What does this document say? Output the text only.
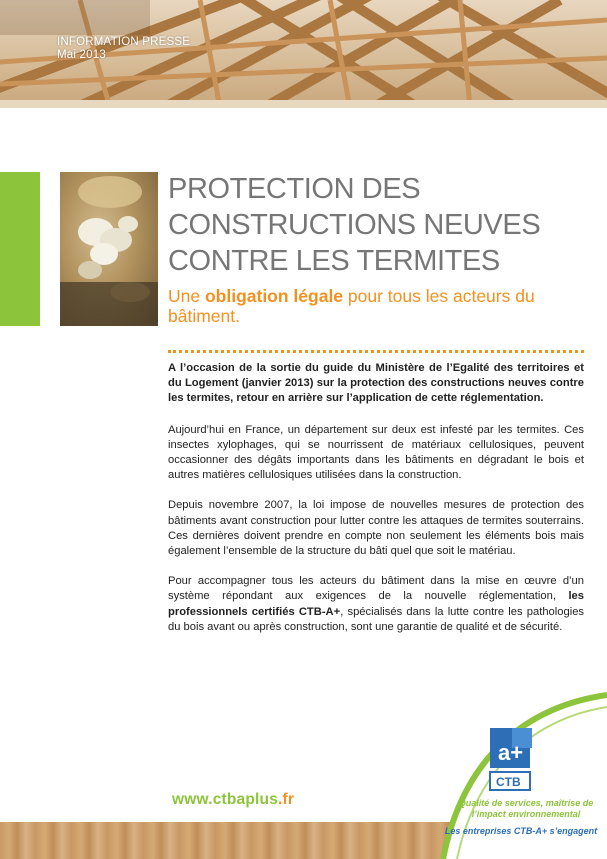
INFORMATION PRESSE
Mai 2013
PROTECTION DES
CONSTRUCTIONS NEUVES
CONTRE LES TERMITES

Une obligation légale pour tous les acteurs du bâtiment.

A l’occasion de la sortie du guide du Ministère de l’Egalité des territoires et du Logement (janvier 2013) sur la protection des constructions neuves contre les termites, retour en arrière sur l’application de cette réglementation.

Aujourd’hui en France, un département sur deux est infesté par les termites. Ces insectes xylophages, qui se nourrissent de matériaux cellulosiques, peuvent occasionner des dégâts importants dans les bâtiments en dégradant le bois et autres matières cellulosiques utilisées dans la construction.

Depuis novembre 2007, la loi impose de nouvelles mesures de protection des bâtiments avant construction pour lutter contre les attaques de termites souterrains. Ces dernières doivent prendre en compte non seulement les éléments bois mais également l’ensemble de la structure du bâti quel que soit le matériau.

Pour accompagner tous les acteurs du bâtiment dans la mise en œuvre d’un système répondant aux exigences de la nouvelle réglementation, les professionnels certifiés CTB-A+, spécialisés dans la lutte contre les pathologies du bois avant ou après construction, sont une garantie de qualité et de sécurité.

www.ctbaplus.fr
a+
CTB
Qualité de services, maîtrise de l’impact environnemental
Les entreprises CTB-A+ s’engagent
